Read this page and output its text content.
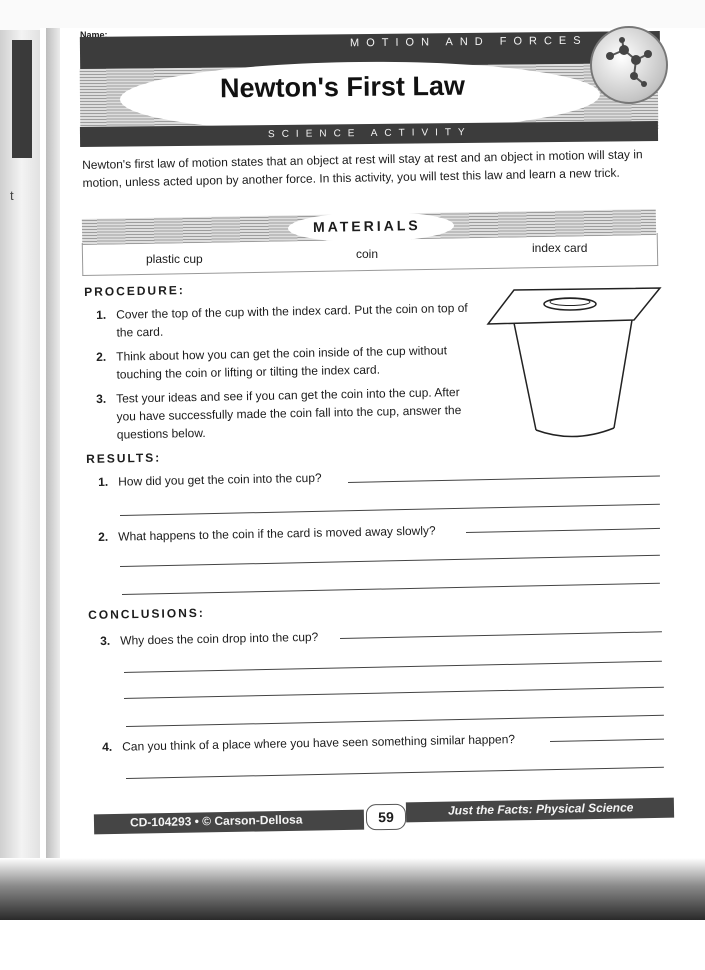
t
Name:	MOTION AND FORCES
Newton's First Law
SCIENCE ACTIVITY
Newton's first law of motion states that an object at rest will stay at rest and an object in motion will stay in motion, unless acted upon by another force. In this activity, you will test this law and learn a new trick.
MATERIALS
plastic cup	coin	index card
PROCEDURE:
1. Cover the top of the cup with the index card. Put the coin on top of the card.
2. Think about how you can get the coin inside of the cup without touching the coin or lifting or tilting the index card.
3. Test your ideas and see if you can get the coin into the cup. After you have successfully made the coin fall into the cup, answer the questions below.
RESULTS:
1. How did you get the coin into the cup?
2. What happens to the coin if the card is moved away slowly?
CONCLUSIONS:
3. Why does the coin drop into the cup?
4. Can you think of a place where you have seen something similar happen?
CD-104293 • © Carson-Dellosa	59	Just the Facts: Physical Science
